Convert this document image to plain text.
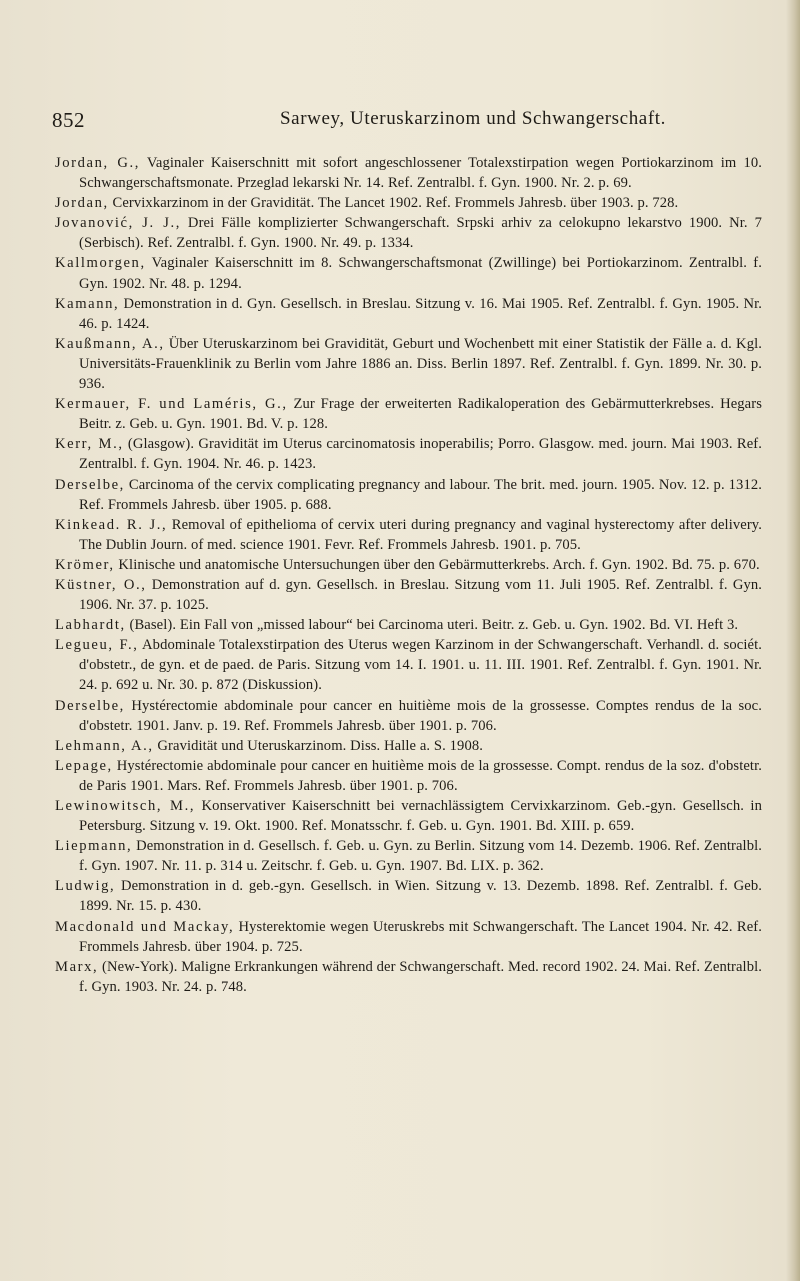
852	Sarwey, Uteruskarzinom und Schwangerschaft.
Jordan, G., Vaginaler Kaiserschnitt mit sofort angeschlossener Totalexstirpation wegen Portiokarzinom im 10. Schwangerschaftsmonate. Przeglad lekarski Nr. 14. Ref. Zentralbl. f. Gyn. 1900. Nr. 2. p. 69.
Jordan, Cervixkarzinom in der Gravidität. The Lancet 1902. Ref. Frommels Jahresb. über 1903. p. 728.
Jovanović, J. J., Drei Fälle komplizierter Schwangerschaft. Srpski arhiv za celokupno lekarstvo 1900. Nr. 7 (Serbisch). Ref. Zentralbl. f. Gyn. 1900. Nr. 49. p. 1334.
Kallmorgen, Vaginaler Kaiserschnitt im 8. Schwangerschaftsmonat (Zwillinge) bei Portiokarzinom. Zentralbl. f. Gyn. 1902. Nr. 48. p. 1294.
Kamann, Demonstration in d. Gyn. Gesellsch. in Breslau. Sitzung v. 16. Mai 1905. Ref. Zentralbl. f. Gyn. 1905. Nr. 46. p. 1424.
Kaußmann, A., Über Uteruskarzinom bei Gravidität, Geburt und Wochenbett mit einer Statistik der Fälle a. d. Kgl. Universitäts-Frauenklinik zu Berlin vom Jahre 1886 an. Diss. Berlin 1897. Ref. Zentralbl. f. Gyn. 1899. Nr. 30. p. 936.
Kermauer, F. und Laméris, G., Zur Frage der erweiterten Radikaloperation des Gebärmutterkrebses. Hegars Beitr. z. Geb. u. Gyn. 1901. Bd. V. p. 128.
Kerr, M., (Glasgow). Gravidität im Uterus carcinomatosis inoperabilis; Porro. Glasgow. med. journ. Mai 1903. Ref. Zentralbl. f. Gyn. 1904. Nr. 46. p. 1423.
Derselbe, Carcinoma of the cervix complicating pregnancy and labour. The brit. med. journ. 1905. Nov. 12. p. 1312. Ref. Frommels Jahresb. über 1905. p. 688.
Kinkead. R. J., Removal of epithelioma of cervix uteri during pregnancy and vaginal hysterectomy after delivery. The Dublin Journ. of med. science 1901. Fevr. Ref. Frommels Jahresb. 1901. p. 705.
Krömer, Klinische und anatomische Untersuchungen über den Gebärmutterkrebs. Arch. f. Gyn. 1902. Bd. 75. p. 670.
Küstner, O., Demonstration auf d. gyn. Gesellsch. in Breslau. Sitzung vom 11. Juli 1905. Ref. Zentralbl. f. Gyn. 1906. Nr. 37. p. 1025.
Labhardt, (Basel). Ein Fall von „missed labour“ bei Carcinoma uteri. Beitr. z. Geb. u. Gyn. 1902. Bd. VI. Heft 3.
Legueu, F., Abdominale Totalexstirpation des Uterus wegen Karzinom in der Schwangerschaft. Verhandl. d. sociét. d'obstetr., de gyn. et de paed. de Paris. Sitzung vom 14. I. 1901. u. 11. III. 1901. Ref. Zentralbl. f. Gyn. 1901. Nr. 24. p. 692 u. Nr. 30. p. 872 (Diskussion).
Derselbe, Hystérectomie abdominale pour cancer en huitième mois de la grossesse. Comptes rendus de la soc. d'obstetr. 1901. Janv. p. 19. Ref. Frommels Jahresb. über 1901. p. 706.
Lehmann, A., Gravidität und Uteruskarzinom. Diss. Halle a. S. 1908.
Lepage, Hystérectomie abdominale pour cancer en huitième mois de la grossesse. Compt. rendus de la soz. d'obstetr. de Paris 1901. Mars. Ref. Frommels Jahresb. über 1901. p. 706.
Lewinowitsch, M., Konservativer Kaiserschnitt bei vernachlässigtem Cervixkarzinom. Geb.-gyn. Gesellsch. in Petersburg. Sitzung v. 19. Okt. 1900. Ref. Monatsschr. f. Geb. u. Gyn. 1901. Bd. XIII. p. 659.
Liepmann, Demonstration in d. Gesellsch. f. Geb. u. Gyn. zu Berlin. Sitzung vom 14. Dezemb. 1906. Ref. Zentralbl. f. Gyn. 1907. Nr. 11. p. 314 u. Zeitschr. f. Geb. u. Gyn. 1907. Bd. LIX. p. 362.
Ludwig, Demonstration in d. geb.-gyn. Gesellsch. in Wien. Sitzung v. 13. Dezemb. 1898. Ref. Zentralbl. f. Geb. 1899. Nr. 15. p. 430.
Macdonald und Mackay, Hysterektomie wegen Uteruskrebs mit Schwangerschaft. The Lancet 1904. Nr. 42. Ref. Frommels Jahresb. über 1904. p. 725.
Marx, (New-York). Maligne Erkrankungen während der Schwangerschaft. Med. record 1902. 24. Mai. Ref. Zentralbl. f. Gyn. 1903. Nr. 24. p. 748.
